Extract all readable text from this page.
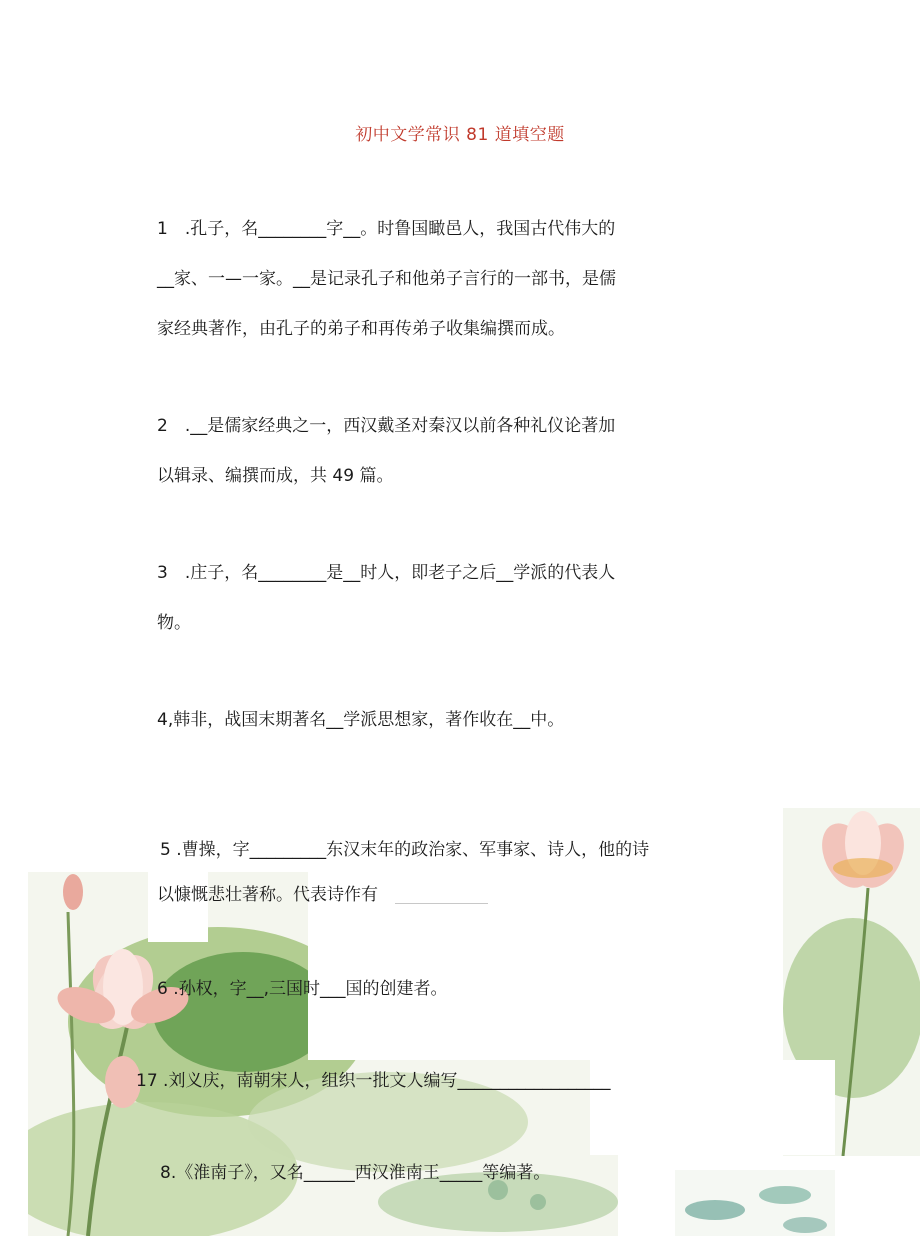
初中文学常识 81 道填空题
1　.孔子，名________字__。时鲁国瞰邑人，我国古代伟大的
__家、一—一家。__是记录孔子和他弟子言行的一部书，是儒
家经典著作，由孔子的弟子和再传弟子收集编撰而成。
2　.__是儒家经典之一，西汉戴圣对秦汉以前各种礼仪论著加
以辑录、编撰而成，共 49 篇。
3　.庄子，名________是__时人，即老子之后__学派的代表人
物。
4,韩非，战国末期著名__学派思想家，著作收在__中。
5 .曹操，字_________东汉末年的政治家、军事家、诗人，他的诗
以慷慨悲壮著称。代表诗作有
6 .孙权，字__,三国时___国的创建者。
17 .刘义庆，南朝宋人，组织一批文人编写__________________
8.《淮南子》，又名______西汉淮南王_____等编著。
